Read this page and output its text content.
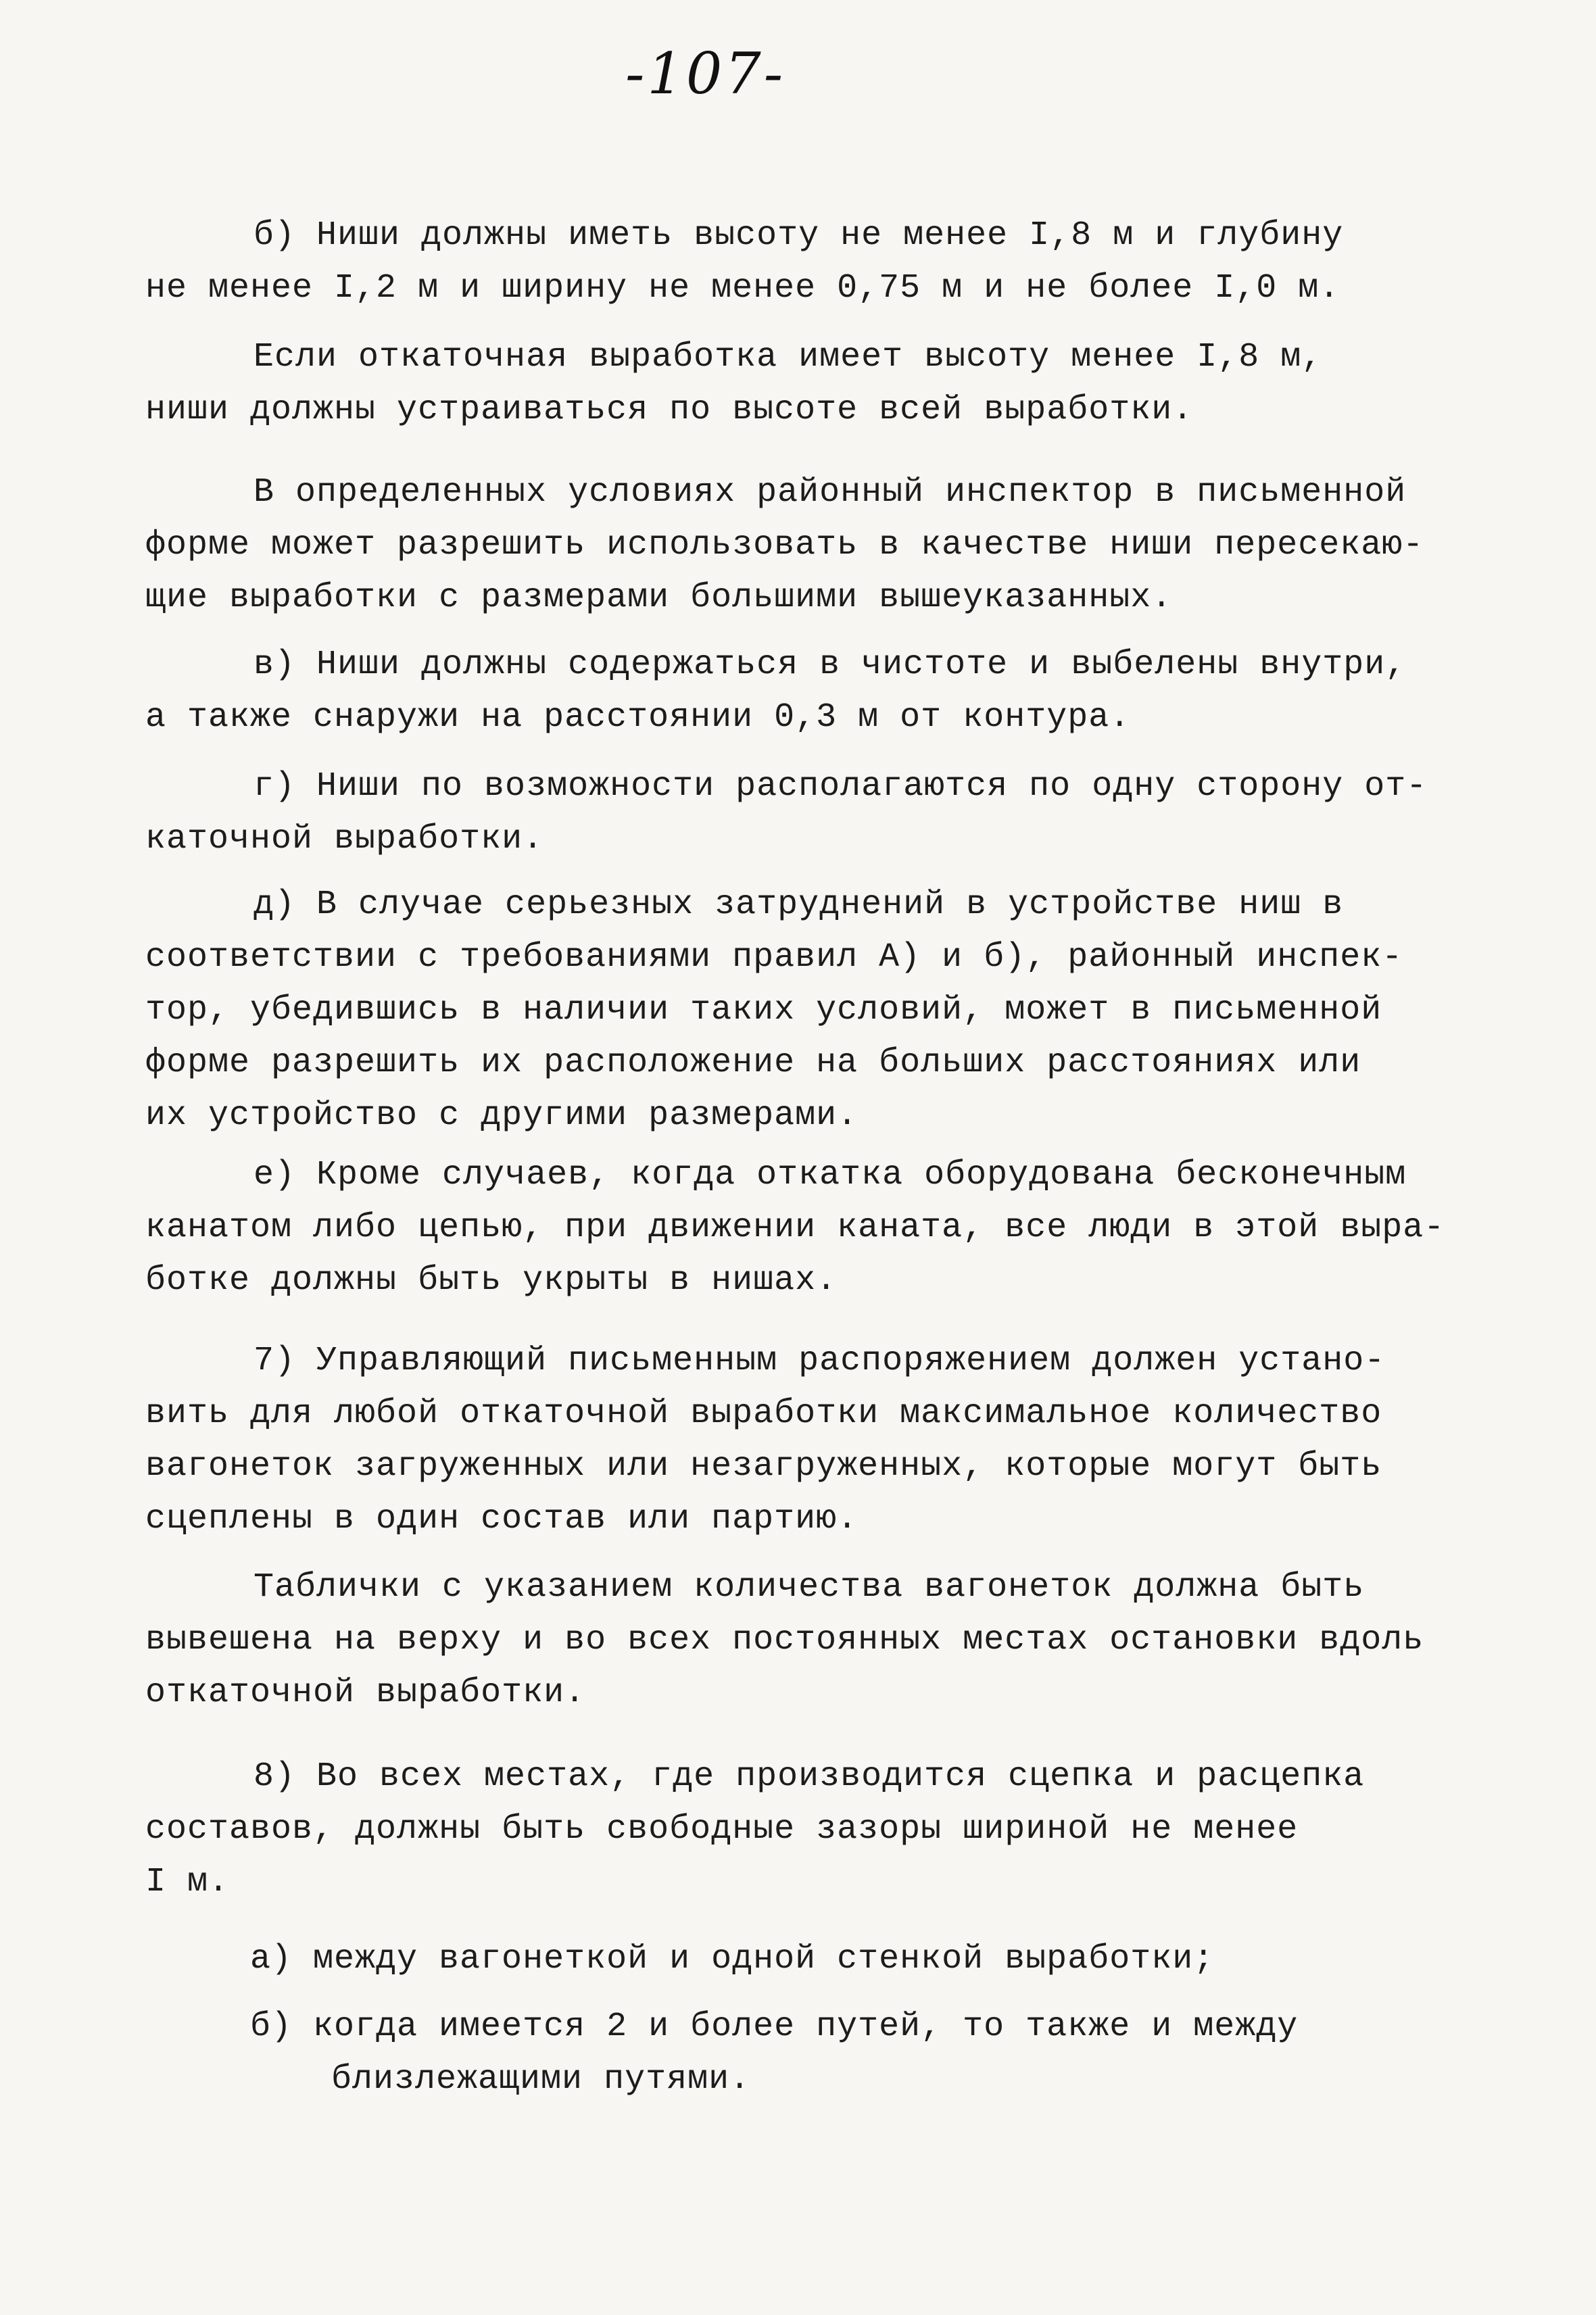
-107-
б) Ниши должны иметь высоту не менее I,8 м и глубину
не менее I,2 м и ширину не менее 0,75 м и не более I,0 м.
Если откаточная выработка имеет высоту менее I,8 м,
ниши должны устраиваться по высоте всей выработки.
В определенных условиях районный инспектор в письменной
форме может разрешить использовать в качестве ниши пересекаю-
щие выработки с размерами большими вышеуказанных.
в) Ниши должны содержаться в чистоте и выбелены внутри,
а также снаружи на расстоянии 0,3 м от контура.
г) Ниши по возможности располагаются по одну сторону от-
каточной выработки.
д) В случае серьезных затруднений в устройстве ниш в
соответствии с требованиями правил А) и б), районный инспек-
тор, убедившись в наличии таких условий, может в письменной
форме разрешить их расположение на больших расстояниях или
их устройство с другими размерами.
е) Кроме случаев, когда откатка оборудована бесконечным
канатом либо цепью, при движении каната, все люди в этой выра-
ботке должны быть укрыты в нишах.
7) Управляющий письменным распоряжением должен устано-
вить для любой откаточной выработки максимальное количество
вагонеток загруженных или незагруженных, которые могут быть
сцеплены в один состав или партию.
Таблички с указанием количества вагонеток должна быть
вывешена на верху и во всех постоянных местах остановки вдоль
откаточной выработки.
8) Во всех местах, где производится сцепка и расцепка
составов, должны быть свободные зазоры шириной не менее
I м.
а) между вагонеткой и одной стенкой выработки;
б) когда имеется 2 и более путей, то также и между
близлежащими путями.
